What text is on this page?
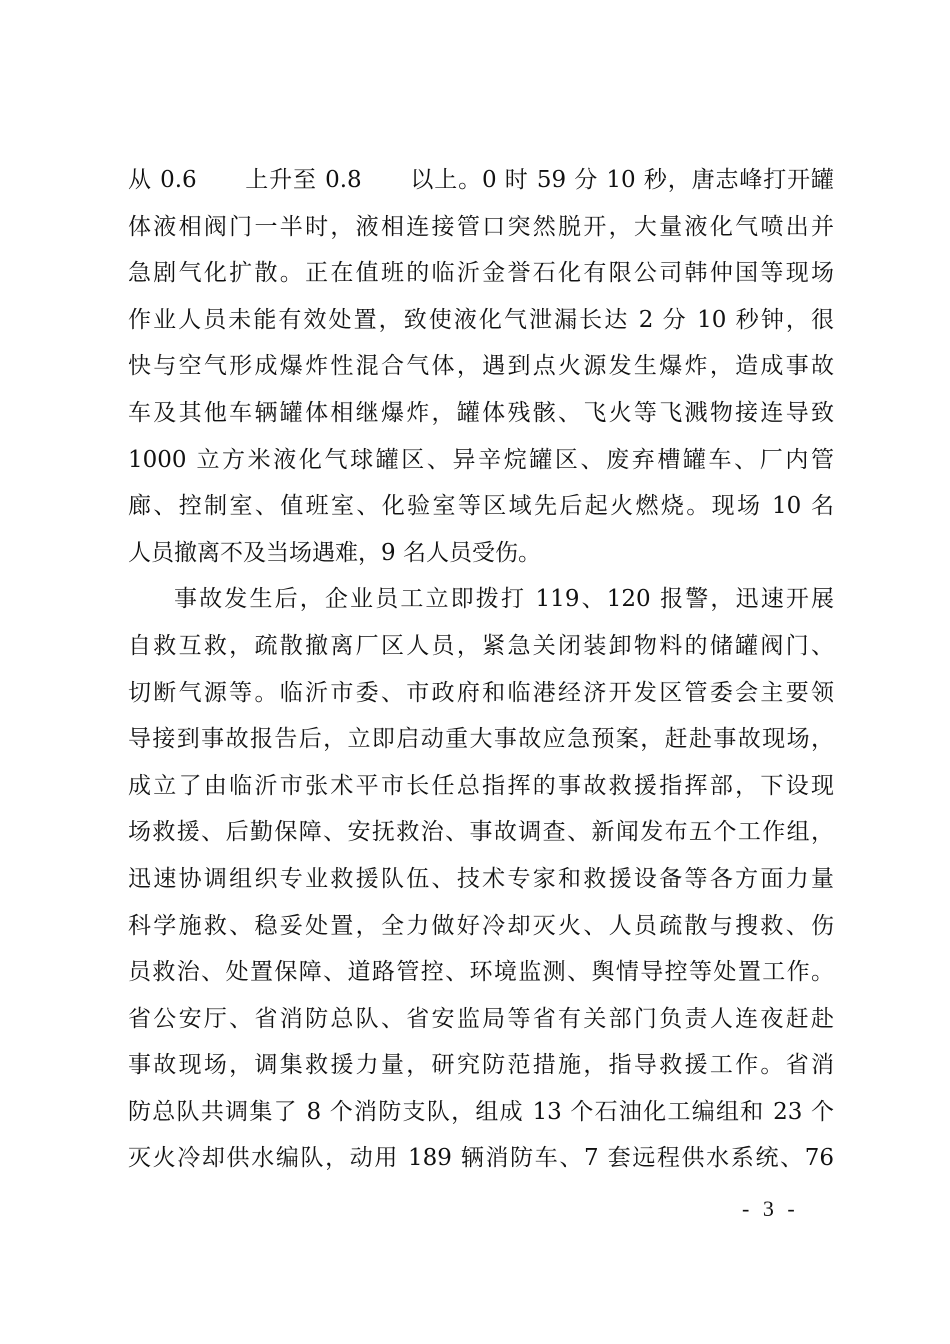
从 0.6　　上升至 0.8　　以上。0 时 59 分 10 秒，唐志峰打开罐
体液相阀门一半时，液相连接管口突然脱开，大量液化气喷出并
急剧气化扩散。正在值班的临沂金誉石化有限公司韩仲国等现场
作业人员未能有效处置，致使液化气泄漏长达 2 分 10 秒钟，很
快与空气形成爆炸性混合气体，遇到点火源发生爆炸，造成事故
车及其他车辆罐体相继爆炸，罐体残骸、飞火等飞溅物接连导致
1000 立方米液化气球罐区、异辛烷罐区、废弃槽罐车、厂内管
廊、控制室、值班室、化验室等区域先后起火燃烧。现场 10 名
人员撤离不及当场遇难，9 名人员受伤。
事故发生后，企业员工立即拨打 119、120 报警，迅速开展
自救互救，疏散撤离厂区人员，紧急关闭装卸物料的储罐阀门、
切断气源等。临沂市委、市政府和临港经济开发区管委会主要领
导接到事故报告后，立即启动重大事故应急预案，赶赴事故现场，
成立了由临沂市张术平市长任总指挥的事故救援指挥部，下设现
场救援、后勤保障、安抚救治、事故调查、新闻发布五个工作组，
迅速协调组织专业救援队伍、技术专家和救援设备等各方面力量
科学施救、稳妥处置，全力做好冷却灭火、人员疏散与搜救、伤
员救治、处置保障、道路管控、环境监测、舆情导控等处置工作。
省公安厅、省消防总队、省安监局等省有关部门负责人连夜赶赴
事故现场，调集救援力量，研究防范措施，指导救援工作。省消
防总队共调集了 8 个消防支队，组成 13 个石油化工编组和 23 个
灭火冷却供水编队，动用 189 辆消防车、7 套远程供水系统、76
- 3 -
